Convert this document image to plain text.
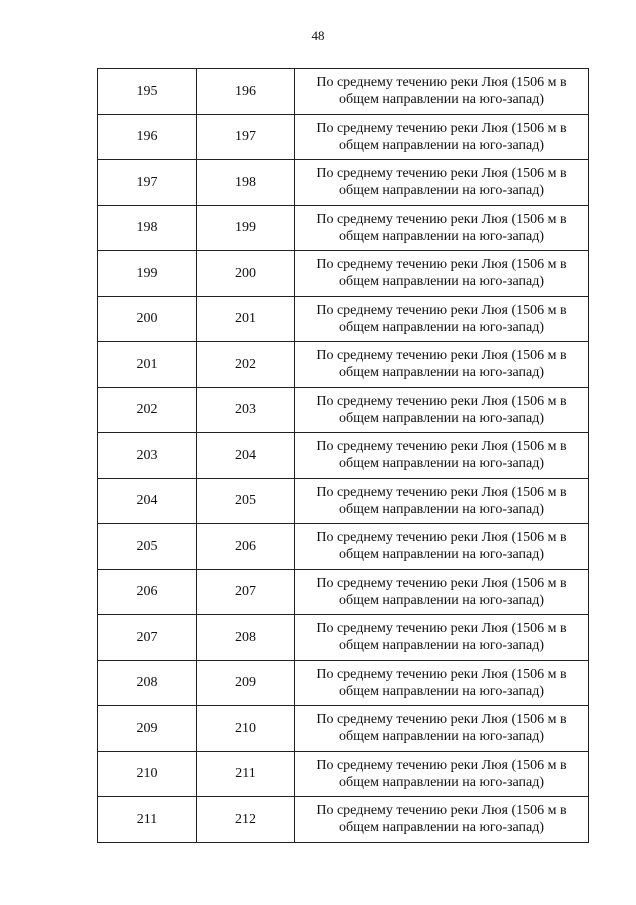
48
195	196	По среднему течению реки Люя (1506 м в общем направлении на юго-запад)
196	197	По среднему течению реки Люя (1506 м в общем направлении на юго-запад)
197	198	По среднему течению реки Люя (1506 м в общем направлении на юго-запад)
198	199	По среднему течению реки Люя (1506 м в общем направлении на юго-запад)
199	200	По среднему течению реки Люя (1506 м в общем направлении на юго-запад)
200	201	По среднему течению реки Люя (1506 м в общем направлении на юго-запад)
201	202	По среднему течению реки Люя (1506 м в общем направлении на юго-запад)
202	203	По среднему течению реки Люя (1506 м в общем направлении на юго-запад)
203	204	По среднему течению реки Люя (1506 м в общем направлении на юго-запад)
204	205	По среднему течению реки Люя (1506 м в общем направлении на юго-запад)
205	206	По среднему течению реки Люя (1506 м в общем направлении на юго-запад)
206	207	По среднему течению реки Люя (1506 м в общем направлении на юго-запад)
207	208	По среднему течению реки Люя (1506 м в общем направлении на юго-запад)
208	209	По среднему течению реки Люя (1506 м в общем направлении на юго-запад)
209	210	По среднему течению реки Люя (1506 м в общем направлении на юго-запад)
210	211	По среднему течению реки Люя (1506 м в общем направлении на юго-запад)
211	212	По среднему течению реки Люя (1506 м в общем направлении на юго-запад)
